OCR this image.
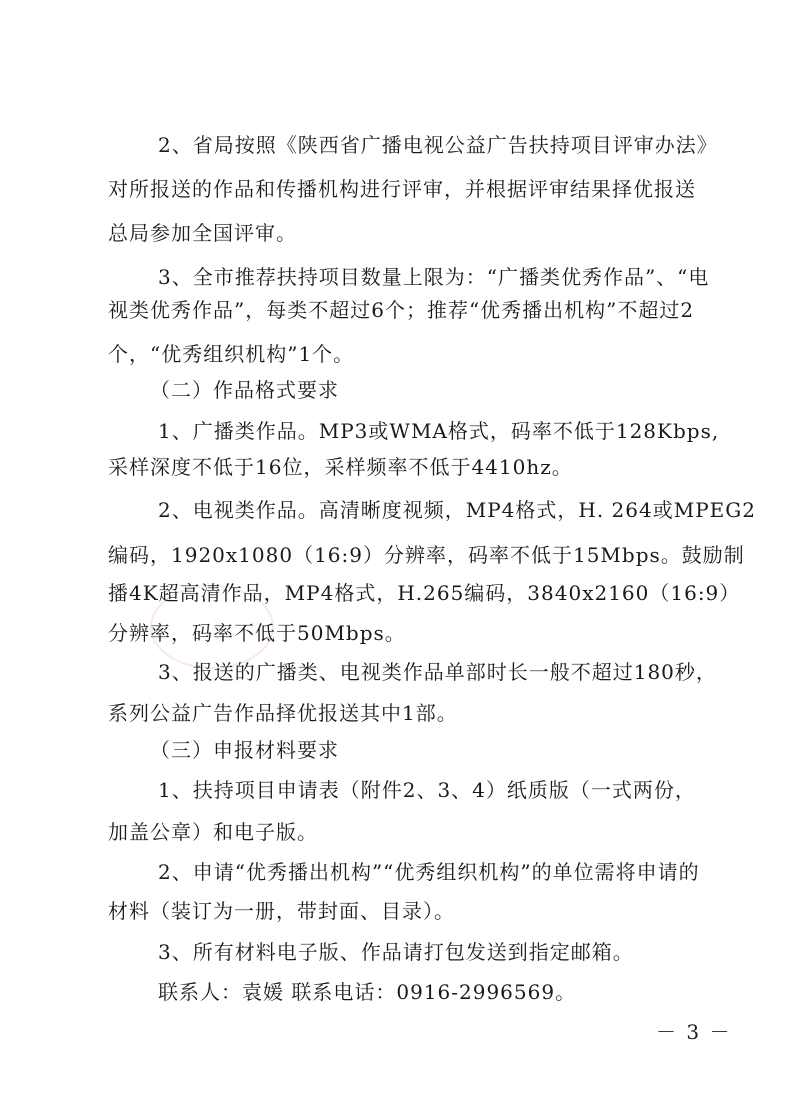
2、省局按照《陕西省广播电视公益广告扶持项目评审办法》
对所报送的作品和传播机构进行评审，并根据评审结果择优报送
总局参加全国评审。
3、全市推荐扶持项目数量上限为：“广播类优秀作品”、“电
视类优秀作品”，每类不超过6个；推荐“优秀播出机构”不超过2
个，“优秀组织机构”1个。
（二）作品格式要求
1、广播类作品。MP3或WMA格式，码率不低于128Kbps,
采样深度不低于16位，采样频率不低于4410hz。
2、电视类作品。高清晰度视频，MP4格式，H. 264或MPEG2
编码，1920x1080（16:9）分辨率，码率不低于15Mbps。鼓励制
播4K超高清作品，MP4格式，H.265编码，3840x2160（16:9）
分辨率，码率不低于50Mbps。
3、报送的广播类、电视类作品单部时长一般不超过180秒，
系列公益广告作品择优报送其中1部。
（三）申报材料要求
1、扶持项目申请表（附件2、3、4）纸质版（一式两份，
加盖公章）和电子版。
2、申请“优秀播出机构”“优秀组织机构”的单位需将申请的
材料（装订为一册，带封面、目录）。
3、所有材料电子版、作品请打包发送到指定邮箱。
联系人：袁媛 联系电话：0916-2996569。
－ 3 －
